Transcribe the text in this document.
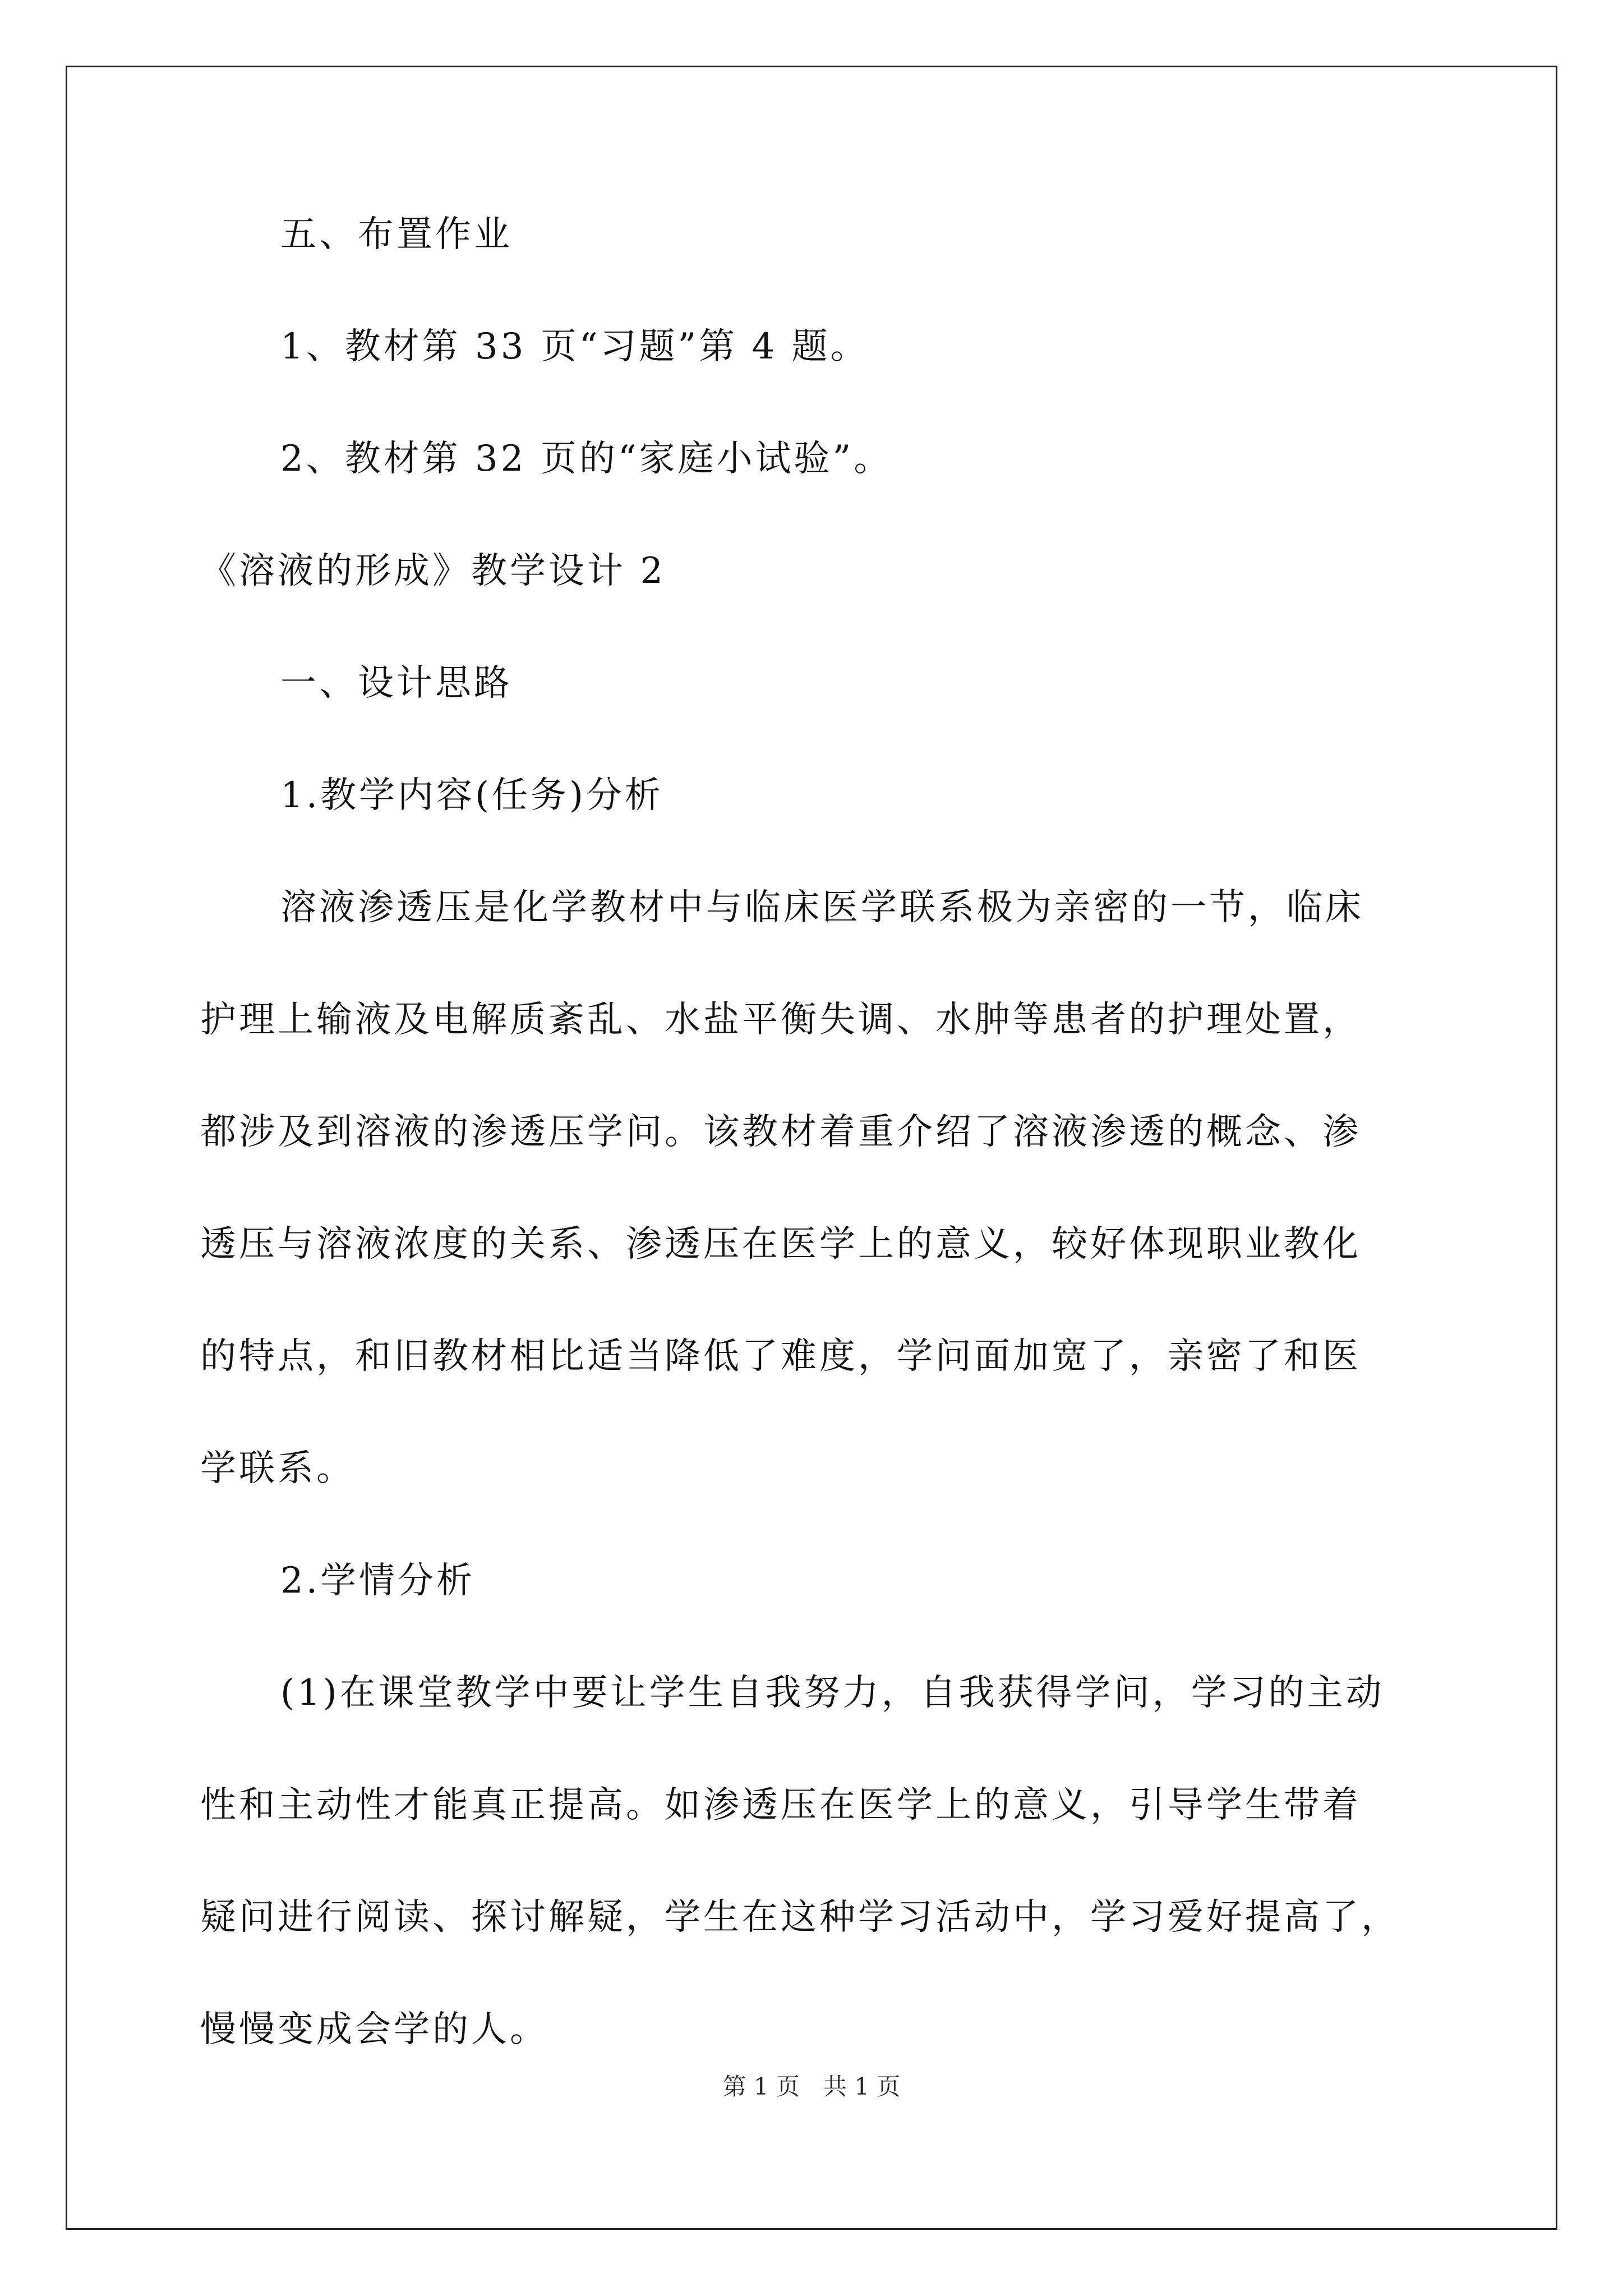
五、布置作业
1、教材第 33 页“习题”第 4 题。
2、教材第 32 页的“家庭小试验”。
《溶液的形成》教学设计 2
一、设计思路
1.教学内容(任务)分析
溶液渗透压是化学教材中与临床医学联系极为亲密的一节，临床
护理上输液及电解质紊乱、水盐平衡失调、水肿等患者的护理处置，
都涉及到溶液的渗透压学问。该教材着重介绍了溶液渗透的概念、渗
透压与溶液浓度的关系、渗透压在医学上的意义，较好体现职业教化
的特点，和旧教材相比适当降低了难度，学问面加宽了，亲密了和医
学联系。
2.学情分析
(1)在课堂教学中要让学生自我努力，自我获得学问，学习的主动
性和主动性才能真正提高。如渗透压在医学上的意义，引导学生带着
疑问进行阅读、探讨解疑，学生在这种学习活动中，学习爱好提高了，
慢慢变成会学的人。
第 1 页　共 1 页
